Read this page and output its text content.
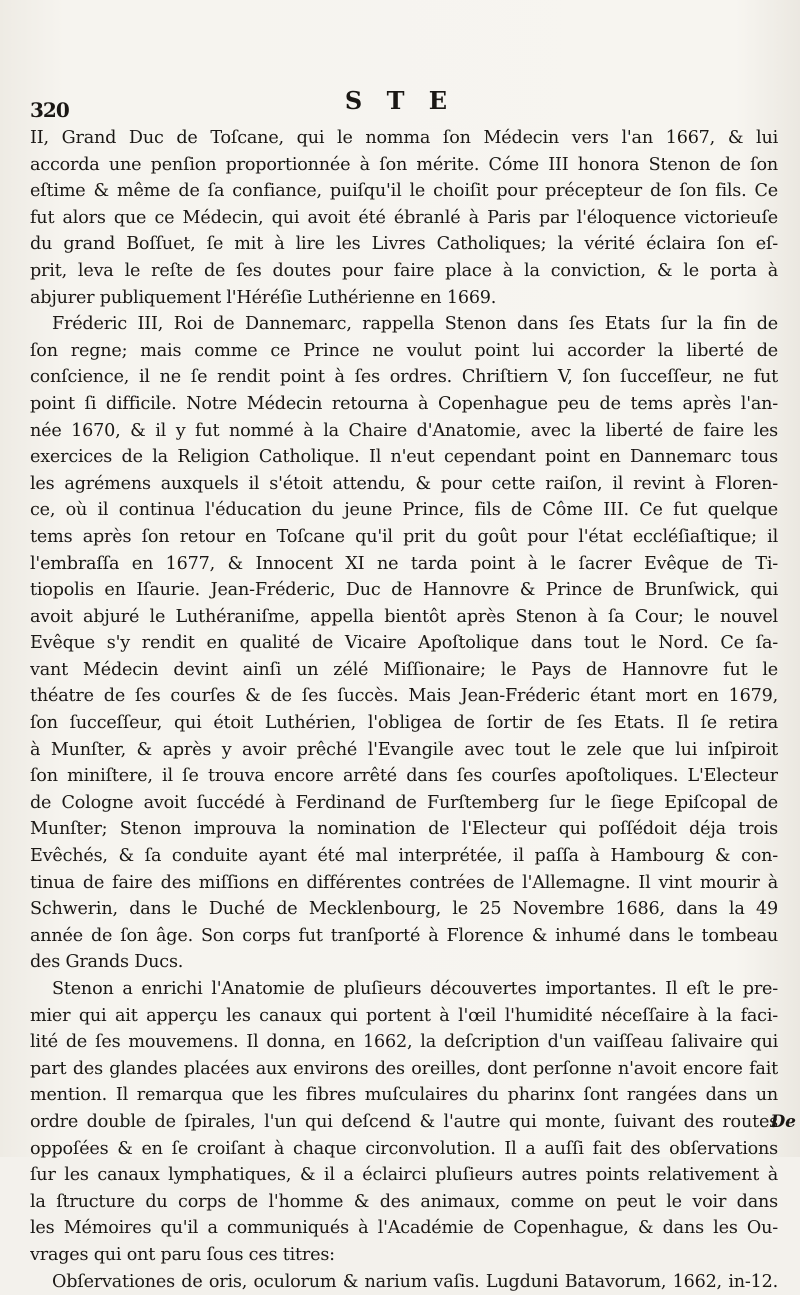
320	S T E
II, Grand Duc de Toſcane, qui le nomma ſon Médecin vers l'an 1667, & lui
accorda une penſion proportionnée à ſon mérite. Cóme III honora Stenon de ſon
eſtime & même de ſa confiance, puiſqu'il le choiſit pour précepteur de ſon fils. Ce
fut alors que ce Médecin, qui avoit été ébranlé à Paris par l'éloquence victorieuſe
du grand Boſſuet, ſe mit à lire les Livres Catholiques; la vérité éclaira ſon eſ-
prit, leva le reſte de ſes doutes pour faire place à la conviction, & le porta à
abjurer publiquement l'Héréſie Luthérienne en 1669.
Fréderic III, Roi de Dannemarc, rappella Stenon dans ſes Etats ſur la fin de
ſon regne; mais comme ce Prince ne voulut point lui accorder la liberté de
conſcience, il ne ſe rendit point à ſes ordres. Chriſtiern V, ſon ſucceſſeur, ne fut
point ſi difficile. Notre Médecin retourna à Copenhague peu de tems après l'an-
née 1670, & il y fut nommé à la Chaire d'Anatomie, avec la liberté de faire les
exercices de la Religion Catholique. Il n'eut cependant point en Dannemarc tous
les agrémens auxquels il s'étoit attendu, & pour cette raiſon, il revint à Floren-
ce, où il continua l'éducation du jeune Prince, fils de Côme III. Ce fut quelque
tems après ſon retour en Toſcane qu'il prit du goût pour l'état eccléſiaſtique; il
l'embraſſa en 1677, & Innocent XI ne tarda point à le ſacrer Evêque de Ti-
tiopolis en Iſaurie. Jean-Fréderic, Duc de Hannovre & Prince de Brunſwick, qui
avoit abjuré le Luthéraniſme, appella bientôt après Stenon à ſa Cour; le nouvel
Evêque s'y rendit en qualité de Vicaire Apoſtolique dans tout le Nord. Ce ſa-
vant Médecin devint ainſi un zélé Miſſionaire; le Pays de Hannovre fut le
théatre de ſes courſes & de ſes ſuccès. Mais Jean-Fréderic étant mort en 1679,
ſon ſucceſſeur, qui étoit Luthérien, l'obligea de ſortir de ſes Etats. Il ſe retira
à Munſter, & après y avoir prêché l'Evangile avec tout le zele que lui inſpiroit
ſon miniſtere, il ſe trouva encore arrêté dans ſes courſes apoſtoliques. L'Electeur
de Cologne avoit ſuccédé à Ferdinand de Furſtemberg ſur le ſiege Epiſcopal de
Munſter; Stenon improuva la nomination de l'Electeur qui poſſédoit déja trois
Evêchés, & ſa conduite ayant été mal interprétée, il paſſa à Hambourg & con-
tinua de faire des miſſions en différentes contrées de l'Allemagne. Il vint mourir à
Schwerin, dans le Duché de Mecklenbourg, le 25 Novembre 1686, dans la 49
année de ſon âge. Son corps fut tranſporté à Florence & inhumé dans le tombeau
des Grands Ducs.
Stenon a enrichi l'Anatomie de pluſieurs découvertes importantes. Il eſt le pre-
mier qui ait apperçu les canaux qui portent à l'œil l'humidité néceſſaire à la faci-
lité de ſes mouvemens. Il donna, en 1662, la deſcription d'un vaiſſeau ſalivaire qui
part des glandes placées aux environs des oreilles, dont perſonne n'avoit encore fait
mention. Il remarqua que les fibres muſculaires du pharinx ſont rangées dans un
ordre double de ſpirales, l'un qui deſcend & l'autre qui monte, ſuivant des routes
oppoſées & en ſe croiſant à chaque circonvolution. Il a auſſi fait des obſervations
ſur les canaux lymphatiques, & il a éclairci pluſieurs autres points relativement à
la ſtructure du corps de l'homme & des animaux, comme on peut le voir dans
les Mémoires qu'il a communiqués à l'Académie de Copenhague, & dans les Ou-
vrages qui ont paru ſous ces titres:
Obſervationes de oris, oculorum & narium vaſis. Lugduni Batavorum, 1662, in-12.
De
